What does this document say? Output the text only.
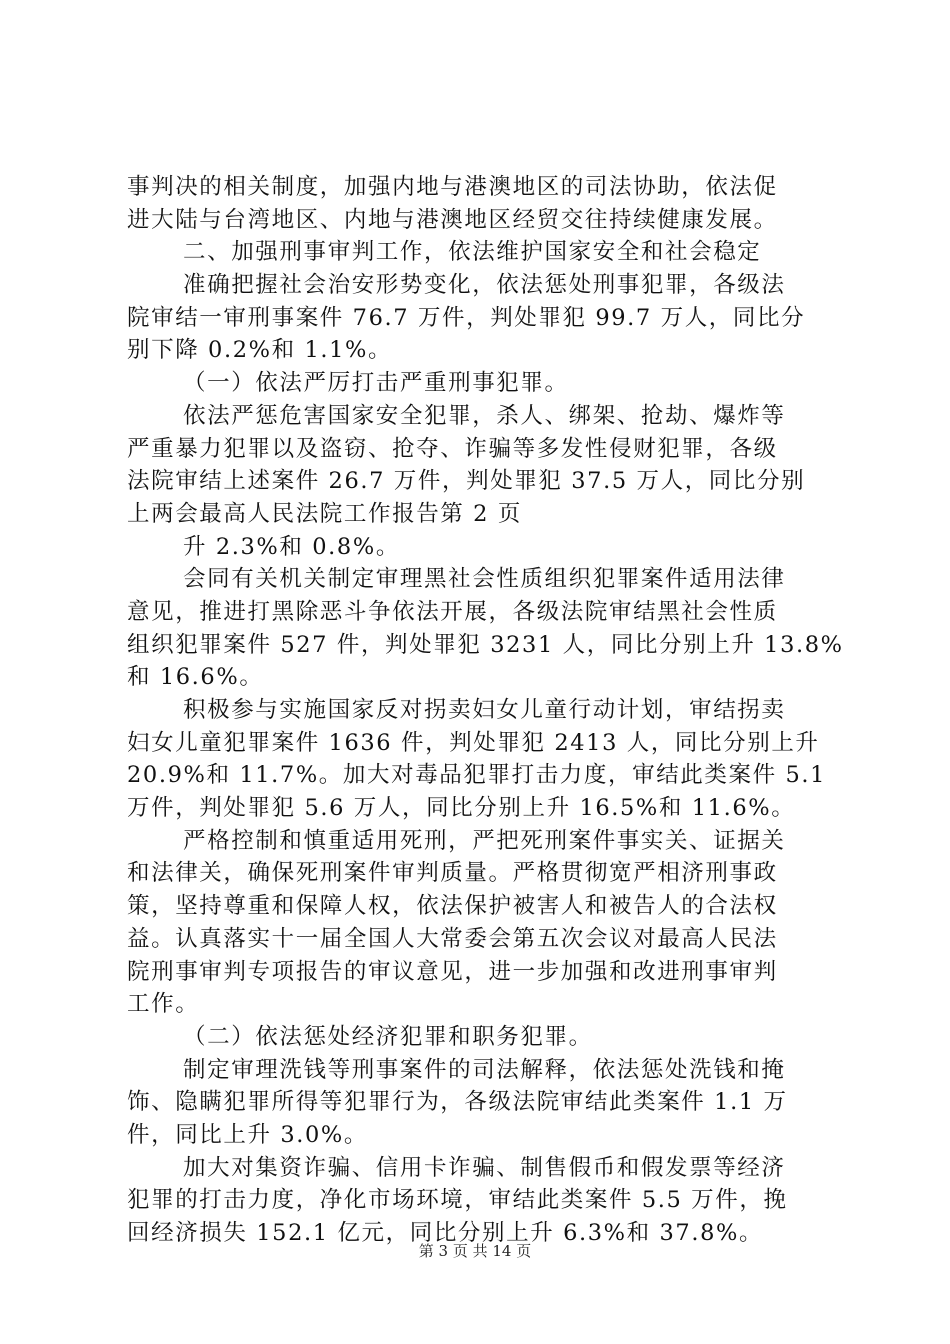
事判决的相关制度，加强内地与港澳地区的司法协助，依法促
进大陆与台湾地区、内地与港澳地区经贸交往持续健康发展。
二、加强刑事审判工作，依法维护国家安全和社会稳定
准确把握社会治安形势变化，依法惩处刑事犯罪，各级法
院审结一审刑事案件 76.7 万件，判处罪犯 99.7 万人，同比分
别下降 0.2%和 1.1%。
（一）依法严厉打击严重刑事犯罪。
依法严惩危害国家安全犯罪，杀人、绑架、抢劫、爆炸等
严重暴力犯罪以及盗窃、抢夺、诈骗等多发性侵财犯罪，各级
法院审结上述案件 26.7 万件，判处罪犯 37.5 万人，同比分别
上两会最高人民法院工作报告第 2 页
升 2.3%和 0.8%。
会同有关机关制定审理黑社会性质组织犯罪案件适用法律
意见，推进打黑除恶斗争依法开展，各级法院审结黑社会性质
组织犯罪案件 527 件，判处罪犯 3231 人，同比分别上升 13.8%
和 16.6%。
积极参与实施国家反对拐卖妇女儿童行动计划，审结拐卖
妇女儿童犯罪案件 1636 件，判处罪犯 2413 人，同比分别上升
20.9%和 11.7%。加大对毒品犯罪打击力度，审结此类案件 5.1
万件，判处罪犯 5.6 万人，同比分别上升 16.5%和 11.6%。
严格控制和慎重适用死刑，严把死刑案件事实关、证据关
和法律关，确保死刑案件审判质量。严格贯彻宽严相济刑事政
策，坚持尊重和保障人权，依法保护被害人和被告人的合法权
益。认真落实十一届全国人大常委会第五次会议对最高人民法
院刑事审判专项报告的审议意见，进一步加强和改进刑事审判
工作。
（二）依法惩处经济犯罪和职务犯罪。
制定审理洗钱等刑事案件的司法解释，依法惩处洗钱和掩
饰、隐瞒犯罪所得等犯罪行为，各级法院审结此类案件 1.1 万
件，同比上升 3.0%。
加大对集资诈骗、信用卡诈骗、制售假币和假发票等经济
犯罪的打击力度，净化市场环境，审结此类案件 5.5 万件，挽
回经济损失 152.1 亿元，同比分别上升 6.3%和 37.8%。
第 3 页 共 14 页
